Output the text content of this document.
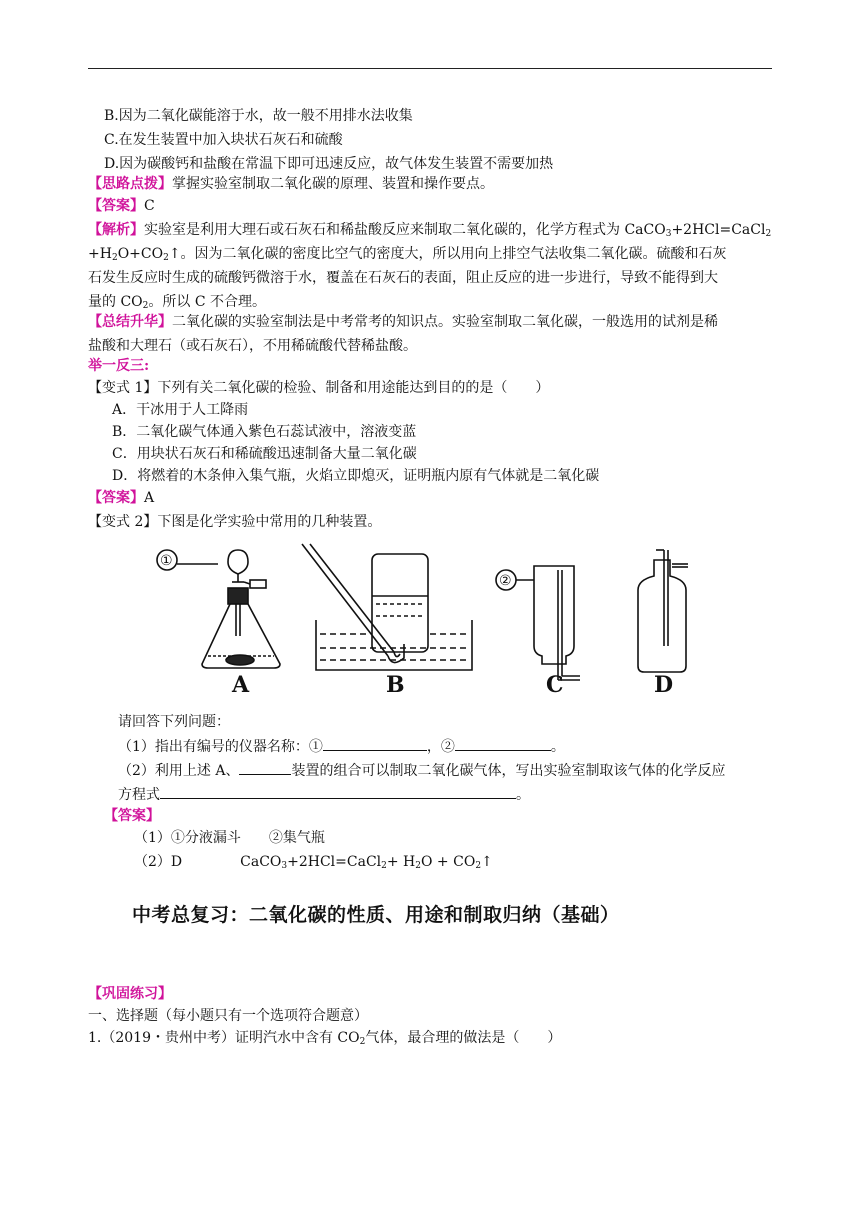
B.因为二氧化碳能溶于水，故一般不用排水法收集
C.在发生装置中加入块状石灰石和硫酸
D.因为碳酸钙和盐酸在常温下即可迅速反应，故气体发生装置不需要加热
【思路点拨】掌握实验室制取二氧化碳的原理、装置和操作要点。
【答案】C
【解析】实验室是利用大理石或石灰石和稀盐酸反应来制取二氧化碳的，化学方程式为 CaCO$_3$+2HCl=CaCl$_2$
$+H_2O+CO_2↑$。因为二氧化碳的密度比空气的密度大，所以用向上排空气法收集二氧化碳。硫酸和石灰
石发生反应时生成的硫酸钙微溶于水，覆盖在石灰石的表面，阻止反应的进一步进行，导致不能得到大
量的 $CO_2$。所以 C 不合理。
【总结升华】二氧化碳的实验室制法是中考常考的知识点。实验室制取二氧化碳，一般选用的试剂是稀
盐酸和大理石（或石灰石），不用稀硫酸代替稀盐酸。
举一反三:
【变式 1】下列有关二氧化碳的检验、制备和用途能达到目的的是（　　）
A．干冰用于人工降雨
B．二氧化碳气体通入紫色石蕊试液中，溶液变蓝
C．用块状石灰石和稀硫酸迅速制备大量二氧化碳
D．将燃着的木条伸入集气瓶，火焰立即熄灭，证明瓶内原有气体就是二氧化碳
【答案】A
【变式 2】下图是化学实验中常用的几种装置。
A	B	C	D
①
②
请回答下列问题：
（1）指出有编号的仪器名称：①	，②	。
（2）利用上述 A、	装置的组合可以制取二氧化碳气体，写出实验室制取该气体的化学反应
方程式	。
【答案】
（1）①分液漏斗　　②集气瓶
（2）D	CaCO$_3$+2HCl=CaCl$_2$+ $H_2O$ + $CO_2↑$
中考总复习：二氧化碳的性质、用途和制取归纳（基础）
【巩固练习】
一、选择题（每小题只有一个选项符合题意）
1.（2019・贵州中考）证明汽水中含有 $CO_2$气体，最合理的做法是（　　）
